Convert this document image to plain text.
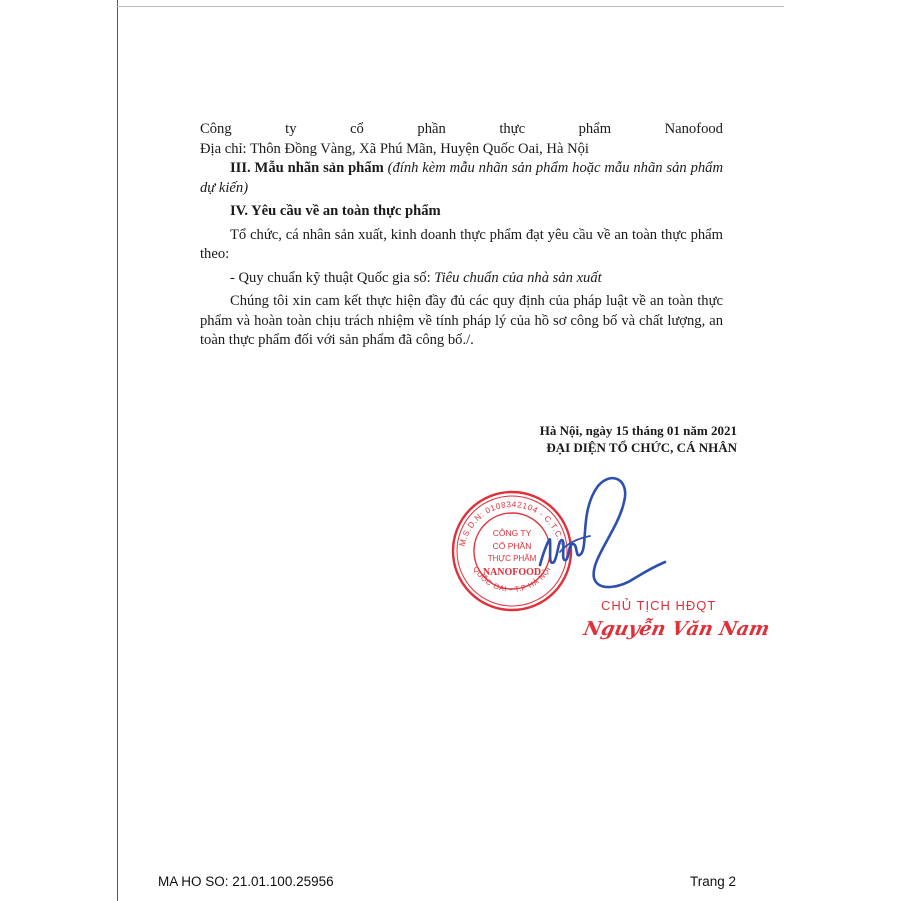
Công	ty	cổ	phần	thực	phẩm	Nanofood
Địa chỉ: Thôn Đồng Vàng, Xã Phú Mãn, Huyện Quốc Oai, Hà Nội

III. Mẫu nhãn sản phẩm (đính kèm mẫu nhãn sản phẩm hoặc mẫu nhãn sản phẩm dự kiến)

IV. Yêu cầu về an toàn thực phẩm

Tổ chức, cá nhân sản xuất, kinh doanh thực phẩm đạt yêu cầu về an toàn thực phẩm theo:

- Quy chuẩn kỹ thuật Quốc gia số: Tiêu chuẩn của nhà sản xuất

Chúng tôi xin cam kết thực hiện đầy đủ các quy định của pháp luật về an toàn thực phẩm và hoàn toàn chịu trách nhiệm về tính pháp lý của hồ sơ công bố và chất lượng, an toàn thực phẩm đối với sản phẩm đã công bố./.

Hà Nội, ngày 15 tháng 01 năm 2021
ĐẠI DIỆN TỔ CHỨC, CÁ NHÂN
M.S.D.N: 0108342104 - C.T.C.P
QUỐC OAI - T.P HÀ NỘI
CÔNG TY
CỔ PHẦN
THỰC PHẨM
NANOFOOD
CHỦ TỊCH HĐQT
Nguyễn Văn Nam
MA HO SO: 21.01.100.25956	Trang 2
